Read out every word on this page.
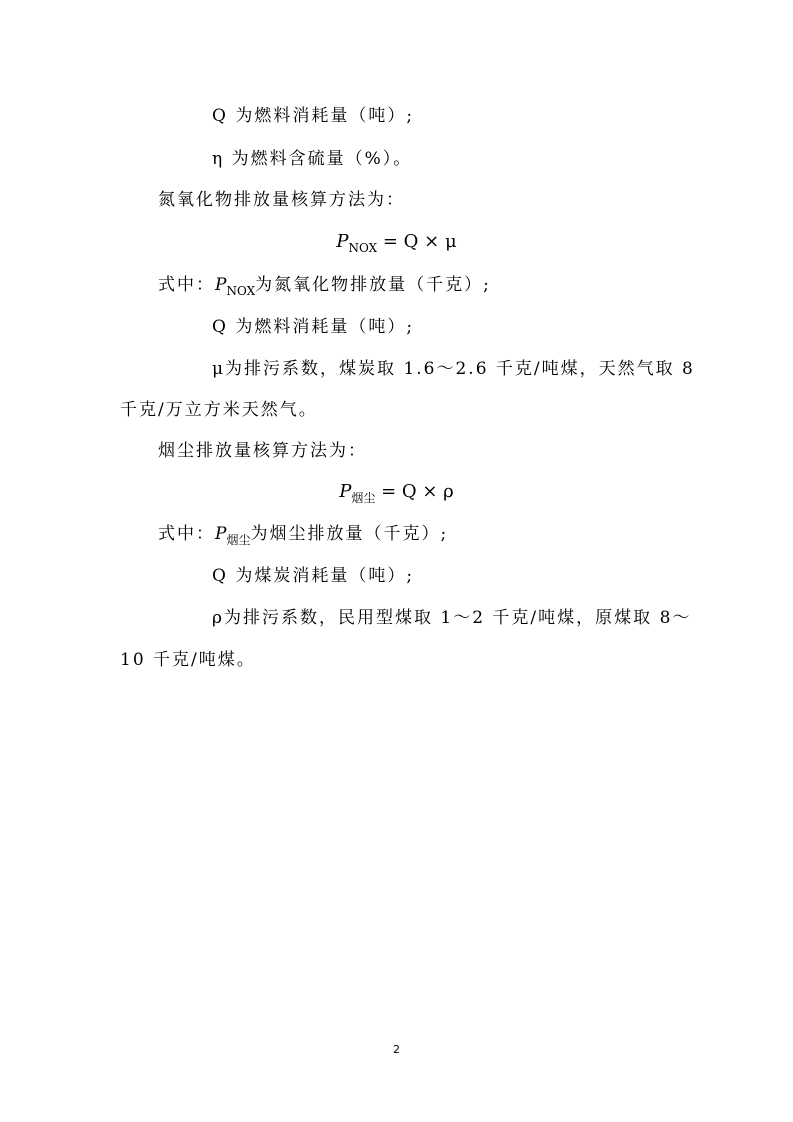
Q 为燃料消耗量（吨）;
η 为燃料含硫量（%）。
氮氧化物排放量核算方法为：
$P_{NOX} = Q \times \mu$
式中：$P_{NOX}$为氮氧化物排放量（千克）;
Q 为燃料消耗量（吨）;
μ为排污系数，煤炭取 1.6～2.6 千克/吨煤，天然气取 8
千克/万立方米天然气。
烟尘排放量核算方法为：
$P_{烟尘} = Q \times \rho$
式中：$P_{烟尘}$为烟尘排放量（千克）;
Q 为煤炭消耗量（吨）;
ρ为排污系数，民用型煤取 1～2 千克/吨煤，原煤取 8～
10 千克/吨煤。
2
